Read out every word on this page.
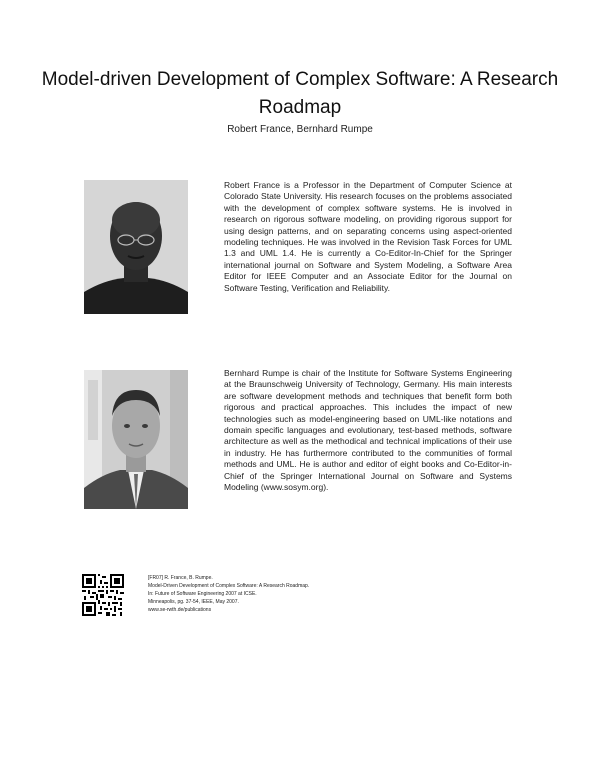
Model-driven Development of Complex Software: A Research Roadmap
Robert France, Bernhard Rumpe
Robert France is a Professor in the Department of Computer Science at Colorado State University. His research focuses on the problems associated with the development of complex software systems. He is involved in research on rigorous software modeling, on providing rigorous support for using design patterns, and on separating concerns using aspect-oriented modeling techniques. He was involved in the Revision Task Forces for UML 1.3 and UML 1.4. He is currently a Co-Editor-In-Chief for the Springer international journal on Software and System Modeling, a Software Area Editor for IEEE Computer and an Associate Editor for the Journal on Software Testing, Verification and Reliability.
Bernhard Rumpe is chair of the Institute for Software Systems Engineering at the Braunschweig University of Technology, Germany. His main interests are software development methods and techniques that benefit form both rigorous and practical approaches. This includes the impact of new technologies such as model-engineering based on UML-like notations and domain specific languages and evolutionary, test-based methods, software architecture as well as the methodical and technical implications of their use in industry. He has furthermore contributed to the communities of formal methods and UML. He is author and editor of eight books and Co-Editor-in-Chief of the Springer International Journal on Software and Systems Modeling (www.sosym.org).
[FR07] R. France, B. Rumpe.
Model-Driven Development of Complex Software: A Research Roadmap.
In: Future of Software Engineering 2007 at ICSE.
Minneapolis, pg. 37-54, IEEE, May 2007.
www.se-rwth.de/publications
